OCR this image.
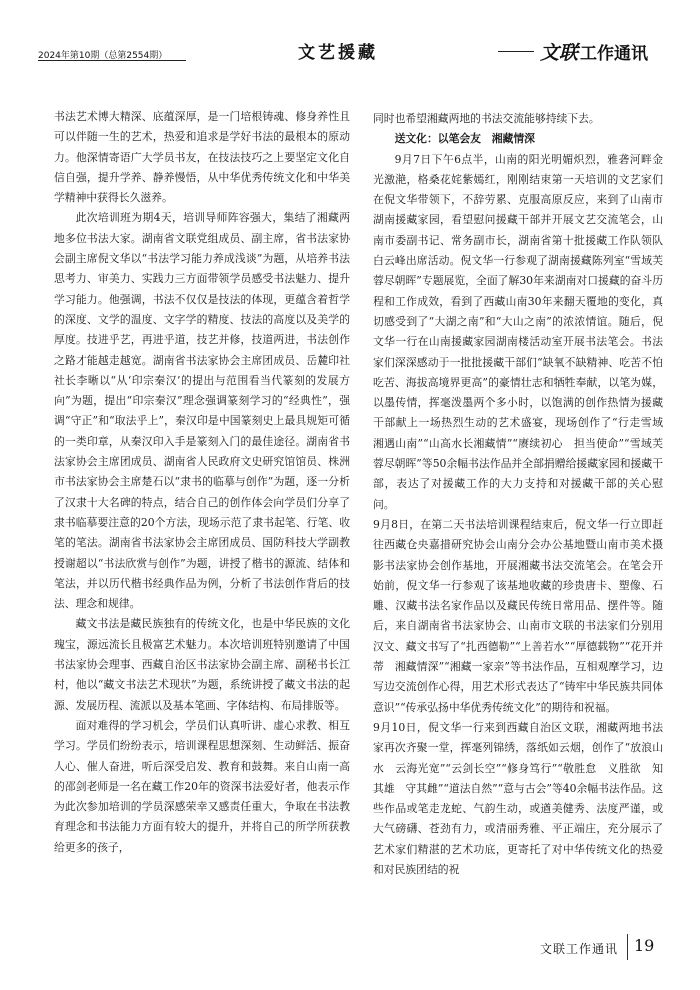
2024年第10期（总第2554期）	文艺援藏	文联 工作通讯

书法艺术博大精深、底蕴深厚，是一门培根铸魂、修身养性且可以伴随一生的艺术，热爱和追求是学好书法的最根本的原动力。他深情寄语广大学员书友，在技法技巧之上要坚定文化自信自强，提升学养、静养慢悟，从中华优秀传统文化和中华美学精神中获得长久滋养。

此次培训班为期4天，培训导师阵容强大，集结了湘藏两地多位书法大家。湖南省文联党组成员、副主席，省书法家协会副主席倪文华以“书法学习能力养成浅谈”为题，从培养书法思考力、审美力、实践力三方面带领学员感受书法魅力、提升学习能力。他强调，书法不仅仅是技法的体现，更蕴含着哲学的深度、文学的温度、文字学的精度、技法的高度以及美学的厚度。技进乎艺，再进乎道，技艺并修，技道两进，书法创作之路才能越走越宽。湖南省书法家协会主席团成员、岳麓印社社长李晰以“从‘印宗秦汉’的提出与范围看当代篆刻的发展方向”为题，提出“印宗秦汉”理念强调篆刻学习的“经典性”，强调“守正”和“取法乎上”，秦汉印是中国篆刻史上最具规矩可循的一类印章，从秦汉印入手是篆刻入门的最佳途径。湖南省书法家协会主席团成员、湖南省人民政府文史研究馆馆员、株洲市书法家协会主席楚石以“隶书的临摹与创作”为题，逐一分析了汉隶十大名碑的特点，结合自己的创作体会向学员们分享了隶书临摹要注意的20个方法，现场示范了隶书起笔、行笔、收笔的笔法。湖南省书法家协会主席团成员、国防科技大学副教授谢超以“书法欣赏与创作”为题，讲授了楷书的源流、结体和笔法，并以历代楷书经典作品为例，分析了书法创作背后的技法、理念和规律。

藏文书法是藏民族独有的传统文化，也是中华民族的文化瑰宝，源远流长且极富艺术魅力。本次培训班特别邀请了中国书法家协会理事、西藏自治区书法家协会副主席、副秘书长江村，他以“藏文书法艺术现状”为题，系统讲授了藏文书法的起源、发展历程、流派以及基本笔画、字体结构、布局排版等。

面对难得的学习机会，学员们认真听讲、虚心求教、相互学习。学员们纷纷表示，培训课程思想深刻、生动鲜活、振奋人心、催人奋进，听后深受启发、教育和鼓舞。来自山南一高的邵剑老师是一名在藏工作20年的资深书法爱好者，他表示作为此次参加培训的学员深感荣幸又感责任重大，争取在书法教育理念和书法能力方面有较大的提升，并将自己的所学所获教给更多的孩子，

同时也希望湘藏两地的书法交流能够持续下去。

送文化：以笔会友　湘藏情深

9月7日下午6点半，山南的阳光明媚炽烈，雅砻河畔金光激滟，格桑花姹紫嫣红，刚刚结束第一天培训的文艺家们在倪文华带领下，不辞劳累、克服高原反应，来到了山南市湖南援藏家园，看望慰问援藏干部并开展文艺交流笔会，山南市委副书记、常务副市长，湖南省第十批援藏工作队领队白云峰出席活动。倪文华一行参观了湖南援藏陈列室“雪域芙蓉尽朝晖”专题展览，全面了解30年来湖南对口援藏的奋斗历程和工作成效，看到了西藏山南30年来翻天覆地的变化，真切感受到了“大湖之南”和“大山之南”的浓浓情谊。随后，倪文华一行在山南援藏家园湖南楼活动室开展书法笔会。书法家们深深感动于一批批援藏干部们“缺氧不缺精神、吃苦不怕吃苦、海拔高境界更高”的豪情壮志和牺牲奉献，以笔为媒，以墨传情，挥毫泼墨两个多小时，以饱满的创作热情为援藏干部献上一场热烈生动的艺术盛宴，现场创作了“行走雪域　湘遇山南”“山高水长湘藏情”“赓续初心　担当使命”“雪域芙蓉尽朝晖”等50余幅书法作品并全部捐赠给援藏家园和援藏干部，表达了对援藏工作的大力支持和对援藏干部的关心慰问。

9月8日，在第二天书法培训课程结束后，倪文华一行立即赶往西藏仓央嘉措研究协会山南分会办公基地暨山南市美术摄影书法家协会创作基地，开展湘藏书法交流笔会。在笔会开始前，倪文华一行参观了该基地收藏的珍贵唐卡、塑像、石雕、汉藏书法名家作品以及藏民传统日常用品、摆件等。随后，来自湖南省书法家协会、山南市文联的书法家们分别用汉文、藏文书写了“扎西德勒”“上善若水”“厚德载物”“花开并蒂　湘藏情深”“湘藏一家亲”等书法作品，互相观摩学习，边写边交流创作心得，用艺术形式表达了“铸牢中华民族共同体意识”“传承弘扬中华优秀传统文化”的期待和祝福。

9月10日，倪文华一行来到西藏自治区文联，湘藏两地书法家再次齐聚一堂，挥毫列锦绣，落纸如云烟，创作了“放浪山水　云海光宽”“云剑长空”“修身笃行”“敬胜怠　义胜欲　知其雄　守其雌”“道法自然”“意与古会”等40余幅书法作品。这些作品或笔走龙蛇、气韵生动，或遒美健秀、法度严谨，或大气磅礴、苍劲有力，或清丽秀雅、平正端庄，充分展示了艺术家们精湛的艺术功底，更寄托了对中华传统文化的热爱和对民族团结的祝

文联工作通讯 19
